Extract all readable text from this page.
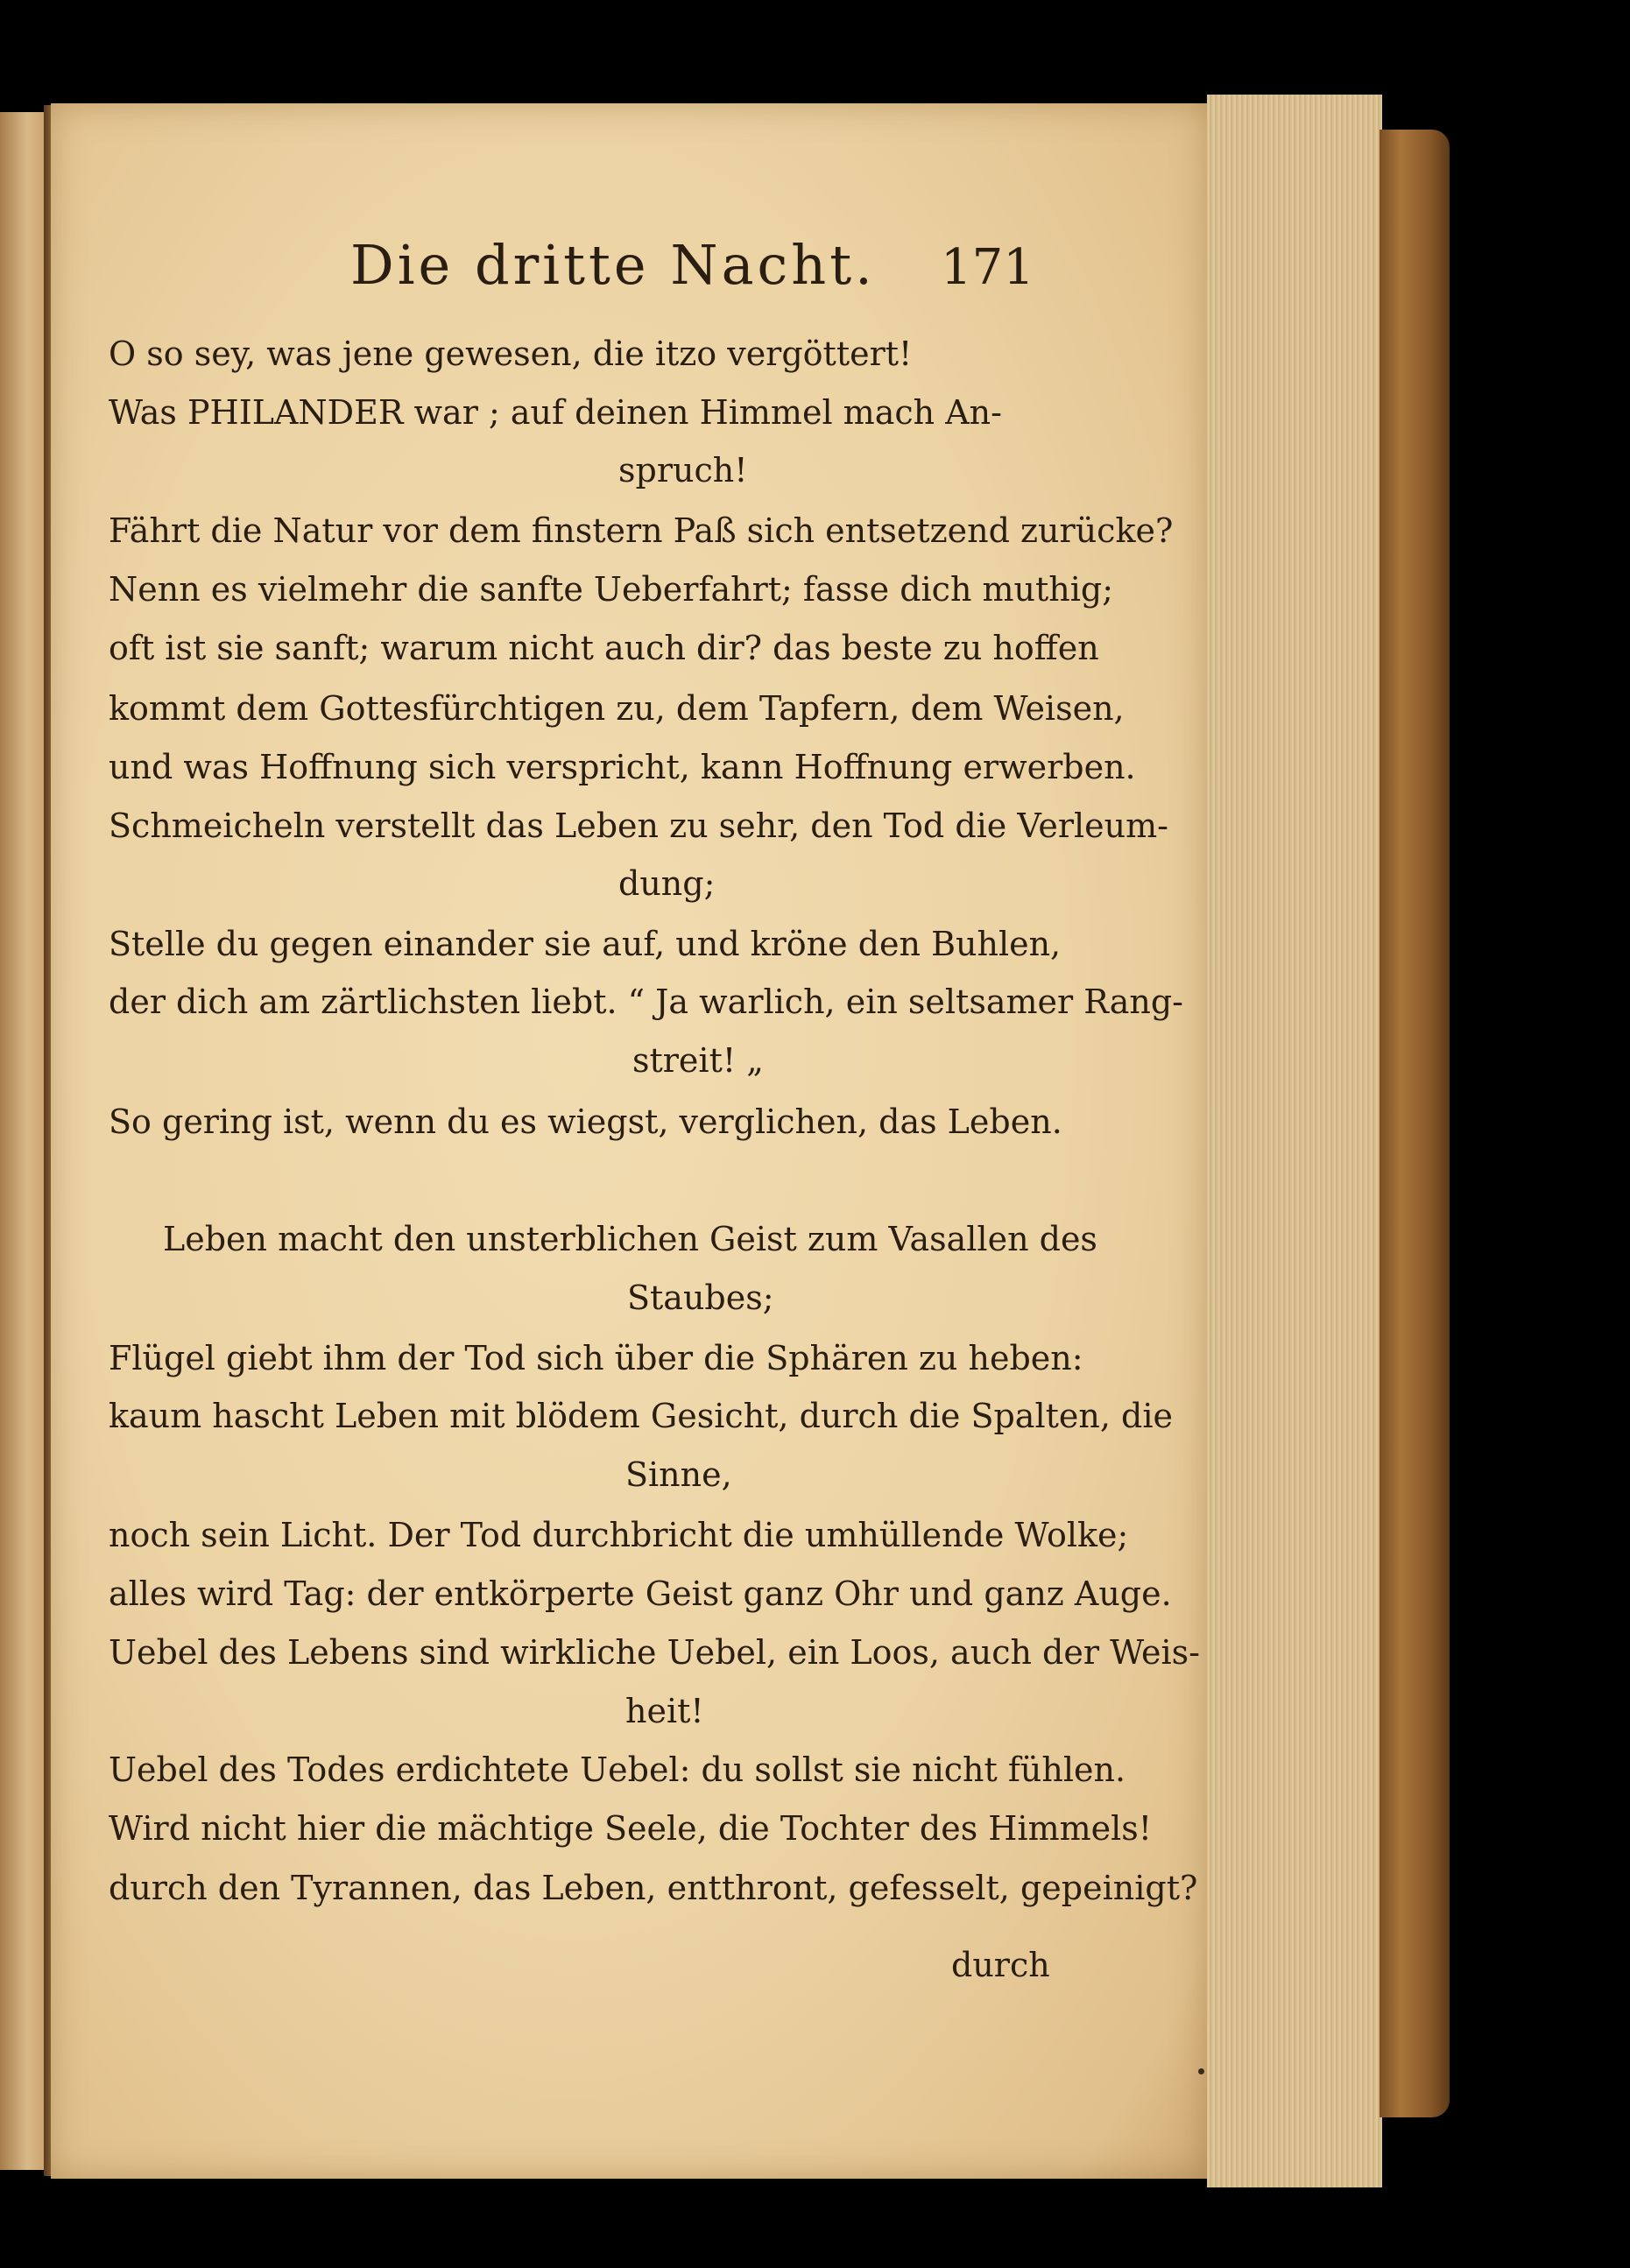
Die dritte Nacht. 171
O so sey, was jene gewesen, die itzo vergöttert!
Was PHILANDER war ; auf deinen Himmel mach An-
spruch!
Fährt die Natur vor dem finstern Paß sich entsetzend zurücke?
Nenn es vielmehr die sanfte Ueberfahrt; fasse dich muthig;
oft ist sie sanft; warum nicht auch dir? das beste zu hoffen
kommt dem Gottesfürchtigen zu, dem Tapfern, dem Weisen,
und was Hoffnung sich verspricht, kann Hoffnung erwerben.
Schmeicheln verstellt das Leben zu sehr, den Tod die Verleum-
dung;
Stelle du gegen einander sie auf, und kröne den Buhlen,
der dich am zärtlichsten liebt. “ Ja warlich, ein seltsamer Rang-
streit! „
So gering ist, wenn du es wiegst, verglichen, das Leben.
Leben macht den unsterblichen Geist zum Vasallen des
Staubes;
Flügel giebt ihm der Tod sich über die Sphären zu heben:
kaum hascht Leben mit blödem Gesicht, durch die Spalten, die
Sinne,
noch sein Licht. Der Tod durchbricht die umhüllende Wolke;
alles wird Tag: der entkörperte Geist ganz Ohr und ganz Auge.
Uebel des Lebens sind wirkliche Uebel, ein Loos, auch der Weis-
heit!
Uebel des Todes erdichtete Uebel: du sollst sie nicht fühlen.
Wird nicht hier die mächtige Seele, die Tochter des Himmels!
durch den Tyrannen, das Leben, entthront, gefesselt, gepeinigt?
durch
